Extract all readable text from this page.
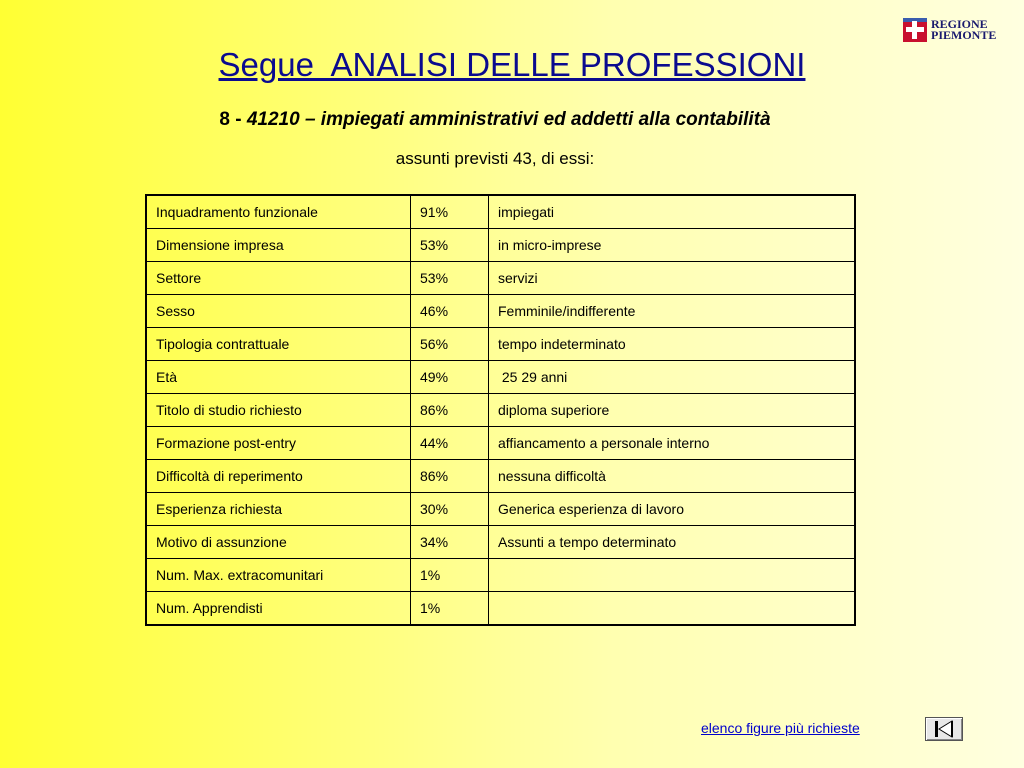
REGIONE
PIEMONTE
Segue  ANALISI DELLE PROFESSIONI
8 - 41210 – impiegati amministrativi ed addetti alla contabilità
assunti previsti 43, di essi:
Inquadramento funzionale	91%	impiegati
Dimensione impresa	53%	in micro-imprese
Settore	53%	servizi
Sesso	46%	Femminile/indifferente
Tipologia contrattuale	56%	tempo indeterminato
Età	49%	25 29 anni
Titolo di studio richiesto	86%	diploma superiore
Formazione post-entry	44%	affiancamento a personale interno
Difficoltà di reperimento	86%	nessuna difficoltà
Esperienza richiesta	30%	Generica esperienza di lavoro
Motivo di assunzione	34%	Assunti a tempo determinato
Num. Max. extracomunitari	1%	
Num. Apprendisti	1%	
elenco figure più richieste
